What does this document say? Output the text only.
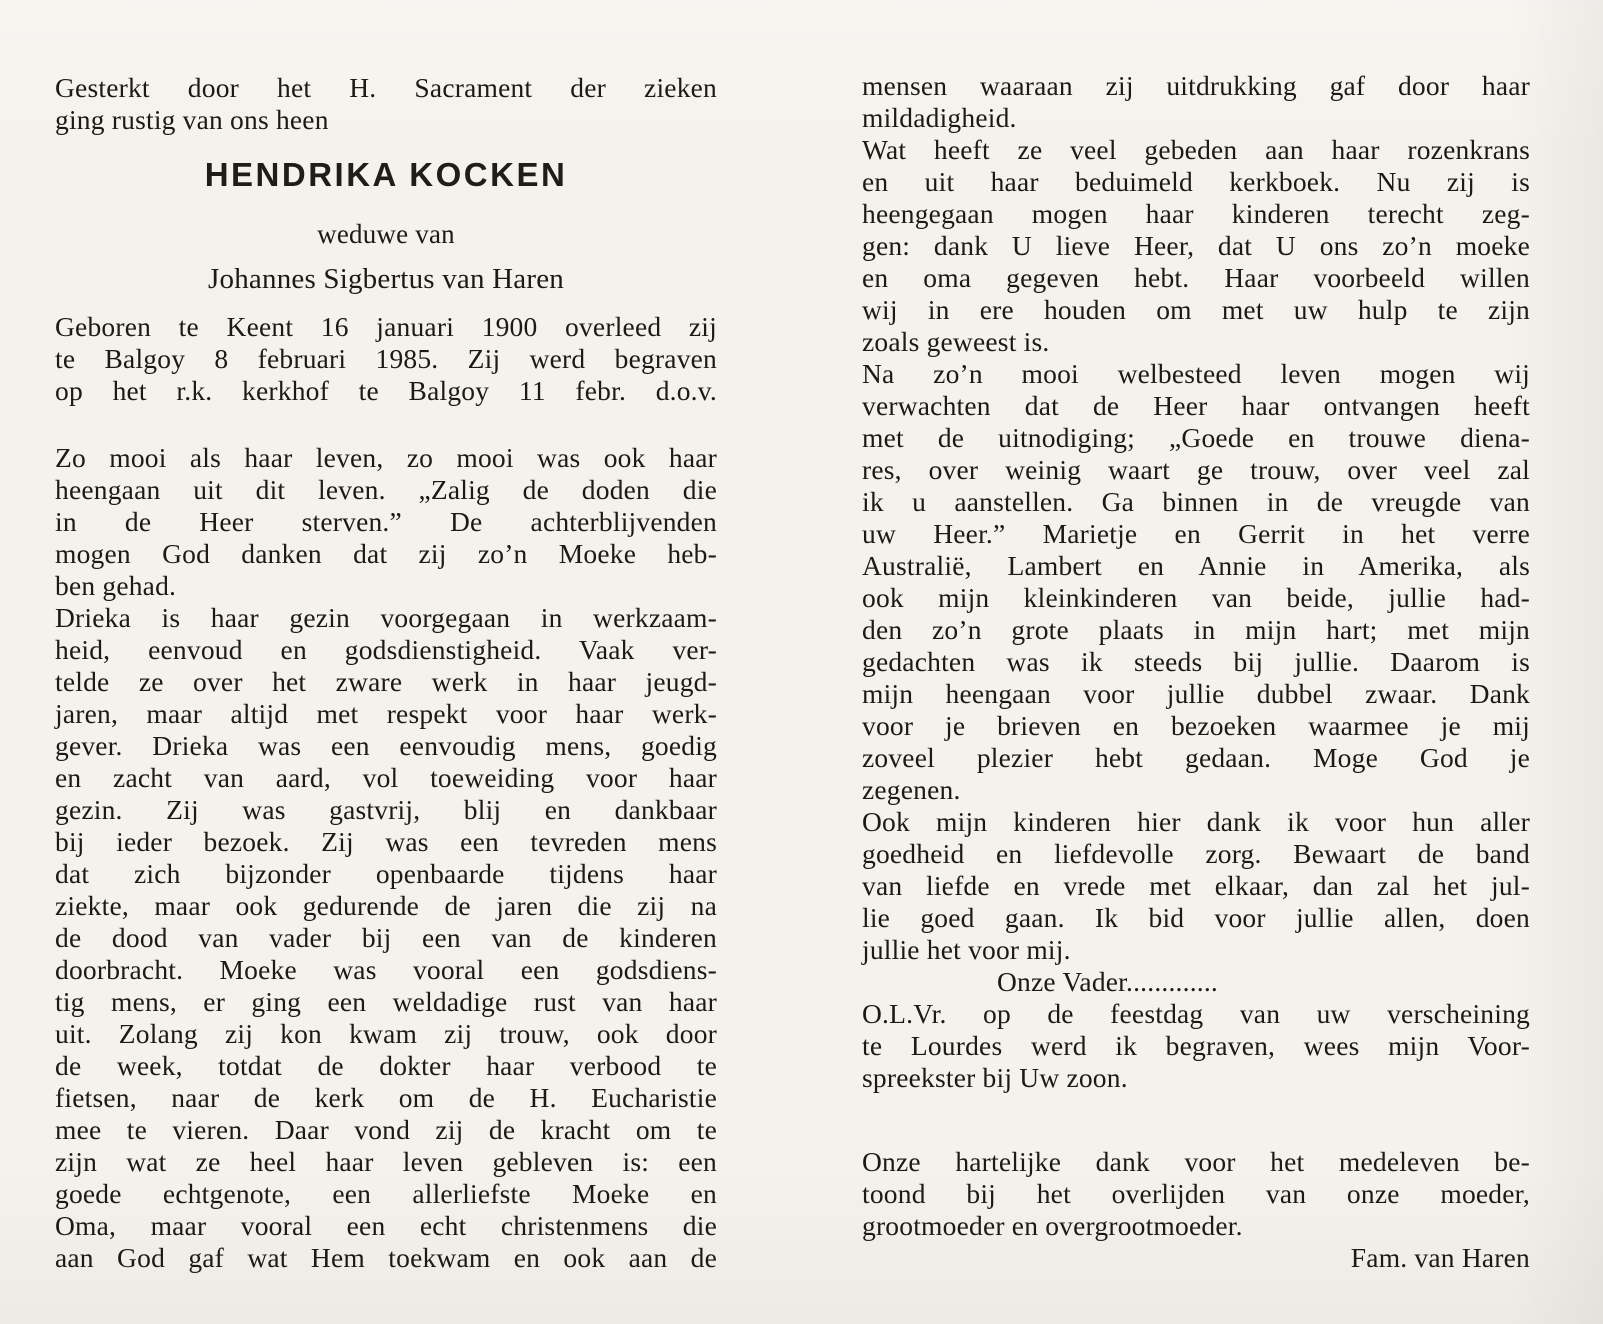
Gesterkt door het H. Sacrament der zieken
ging rustig van ons heen
HENDRIKA KOCKEN
weduwe van
Johannes Sigbertus van Haren
Geboren te Keent 16 januari 1900 overleed zij
te Balgoy 8 februari 1985. Zij werd begraven
op het r.k. kerkhof te Balgoy 11 febr. d.o.v.
Zo mooi als haar leven, zo mooi was ook haar
heengaan uit dit leven. „Zalig de doden die
in de Heer sterven.” De achterblijvenden
mogen God danken dat zij zo’n Moeke heb-
ben gehad.
Drieka is haar gezin voorgegaan in werkzaam-
heid, eenvoud en godsdienstigheid. Vaak ver-
telde ze over het zware werk in haar jeugd-
jaren, maar altijd met respekt voor haar werk-
gever. Drieka was een eenvoudig mens, goedig
en zacht van aard, vol toeweiding voor haar
gezin. Zij was gastvrij, blij en dankbaar
bij ieder bezoek. Zij was een tevreden mens
dat zich bijzonder openbaarde tijdens haar
ziekte, maar ook gedurende de jaren die zij na
de dood van vader bij een van de kinderen
doorbracht. Moeke was vooral een godsdiens-
tig mens, er ging een weldadige rust van haar
uit. Zolang zij kon kwam zij trouw, ook door
de week, totdat de dokter haar verbood te
fietsen, naar de kerk om de H. Eucharistie
mee te vieren. Daar vond zij de kracht om te
zijn wat ze heel haar leven gebleven is: een
goede echtgenote, een allerliefste Moeke en
Oma, maar vooral een echt christenmens die
aan God gaf wat Hem toekwam en ook aan de
mensen waaraan zij uitdrukking gaf door haar
mildadigheid.
Wat heeft ze veel gebeden aan haar rozenkrans
en uit haar beduimeld kerkboek. Nu zij is
heengegaan mogen haar kinderen terecht zeg-
gen: dank U lieve Heer, dat U ons zo’n moeke
en oma gegeven hebt. Haar voorbeeld willen
wij in ere houden om met uw hulp te zijn
zoals geweest is.
Na zo’n mooi welbesteed leven mogen wij
verwachten dat de Heer haar ontvangen heeft
met de uitnodiging; „Goede en trouwe diena-
res, over weinig waart ge trouw, over veel zal
ik u aanstellen. Ga binnen in de vreugde van
uw Heer.” Marietje en Gerrit in het verre
Australië, Lambert en Annie in Amerika, als
ook mijn kleinkinderen van beide, jullie had-
den zo’n grote plaats in mijn hart; met mijn
gedachten was ik steeds bij jullie. Daarom is
mijn heengaan voor jullie dubbel zwaar. Dank
voor je brieven en bezoeken waarmee je mij
zoveel plezier hebt gedaan. Moge God je
zegenen.
Ook mijn kinderen hier dank ik voor hun aller
goedheid en liefdevolle zorg. Bewaart de band
van liefde en vrede met elkaar, dan zal het jul-
lie goed gaan. Ik bid voor jullie allen, doen
jullie het voor mij.
Onze Vader.............
O.L.Vr. op de feestdag van uw verscheining
te Lourdes werd ik begraven, wees mijn Voor-
spreekster bij Uw zoon.
Onze hartelijke dank voor het medeleven be-
toond bij het overlijden van onze moeder,
grootmoeder en overgrootmoeder.
Fam. van Haren
